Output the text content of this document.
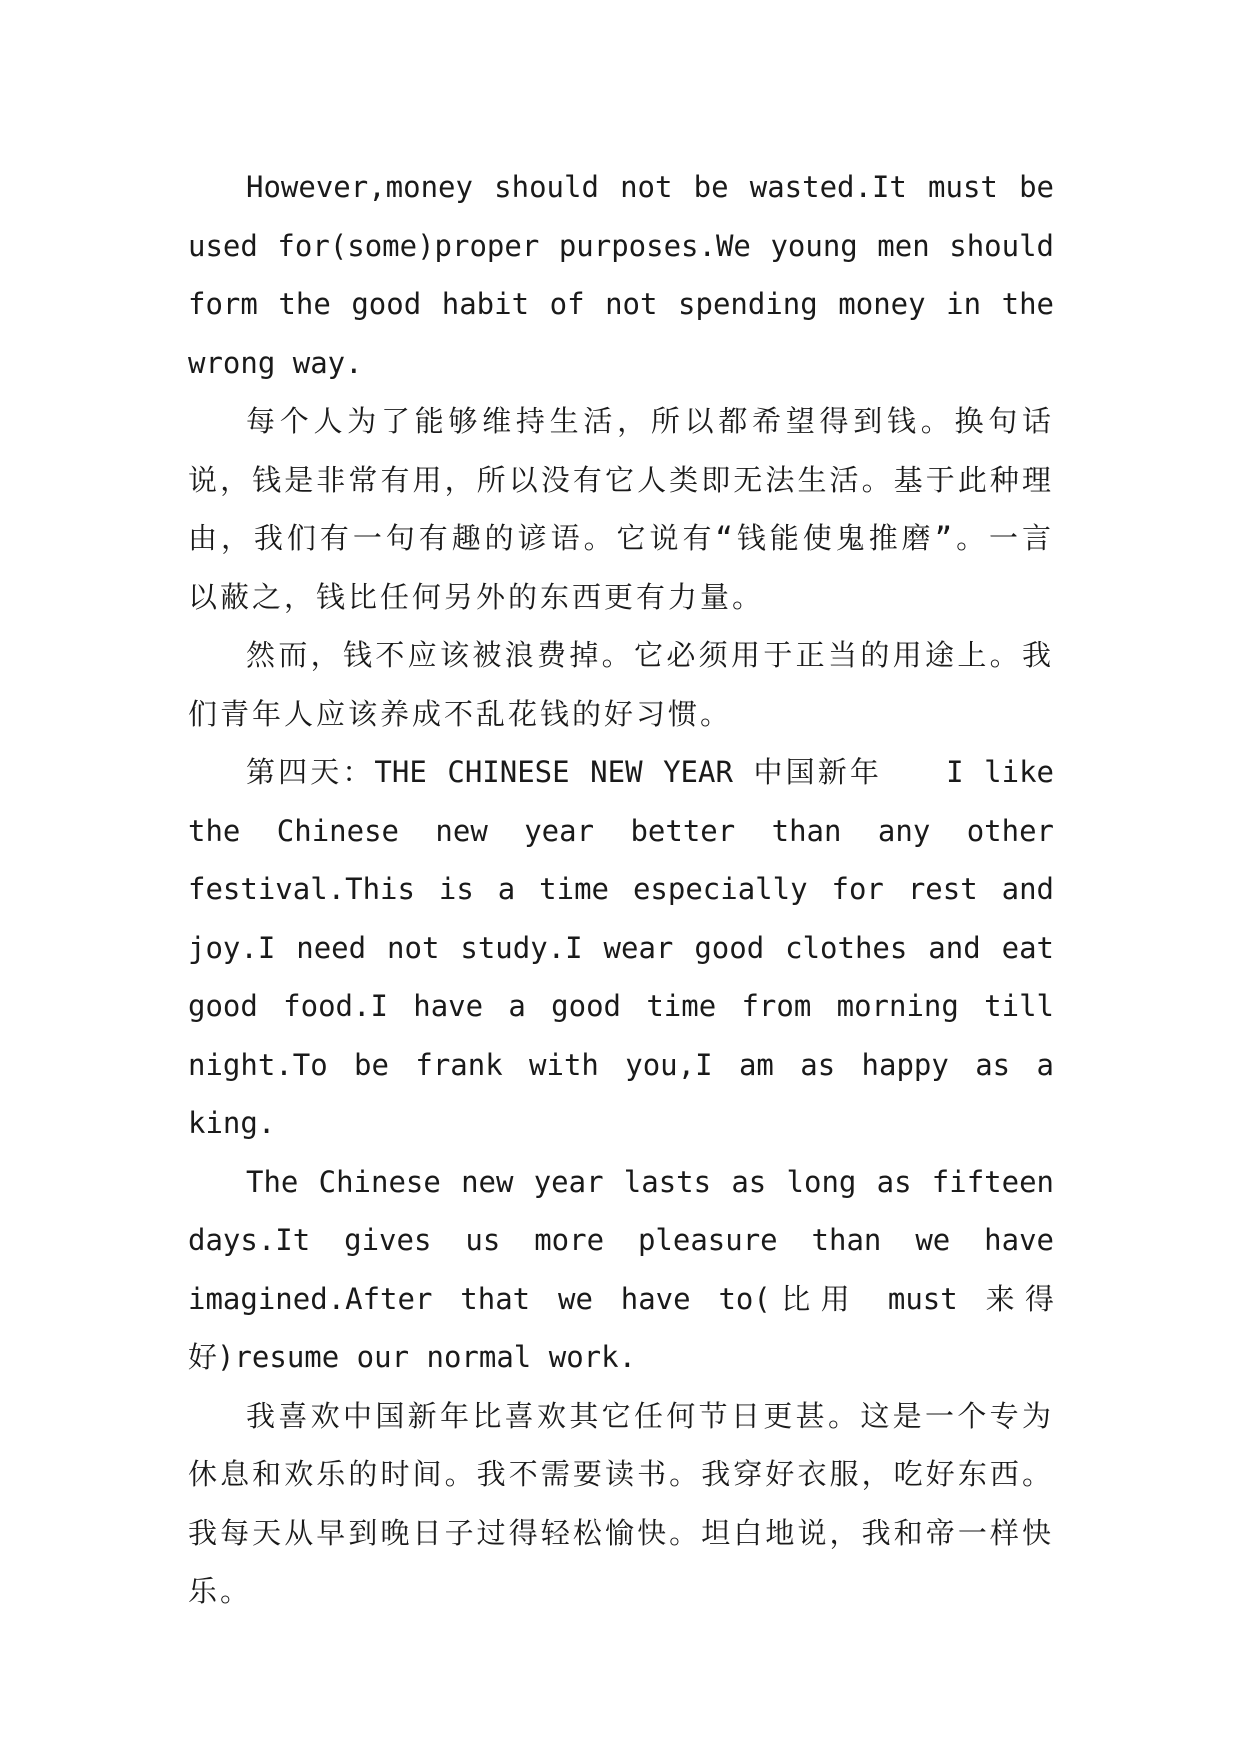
However,money should not be wasted.It must be used for(some)proper purposes.We young men should form the good habit of not spending money in the wrong way.

每个人为了能够维持生活，所以都希望得到钱。换句话说，钱是非常有用，所以没有它人类即无法生活。基于此种理由，我们有一句有趣的谚语。它说有“钱能使鬼推磨”。一言以蔽之，钱比任何另外的东西更有力量。

然而，钱不应该被浪费掉。它必须用于正当的用途上。我们青年人应该养成不乱花钱的好习惯。

第四天：THE CHINESE NEW YEAR 中国新年　　I like the Chinese new year better than any other festival.This is a time especially for rest and joy.I need not study.I wear good clothes and eat good food.I have a good time from morning till night.To be frank with you,I am as happy as a king.

The Chinese new year lasts as long as fifteen days.It gives us more pleasure than we have imagined.After that we have to(比用 must 来得好)resume our normal work.

我喜欢中国新年比喜欢其它任何节日更甚。这是一个专为休息和欢乐的时间。我不需要读书。我穿好衣服，吃好东西。我每天从早到晚日子过得轻松愉快。坦白地说，我和帝一样快乐。
